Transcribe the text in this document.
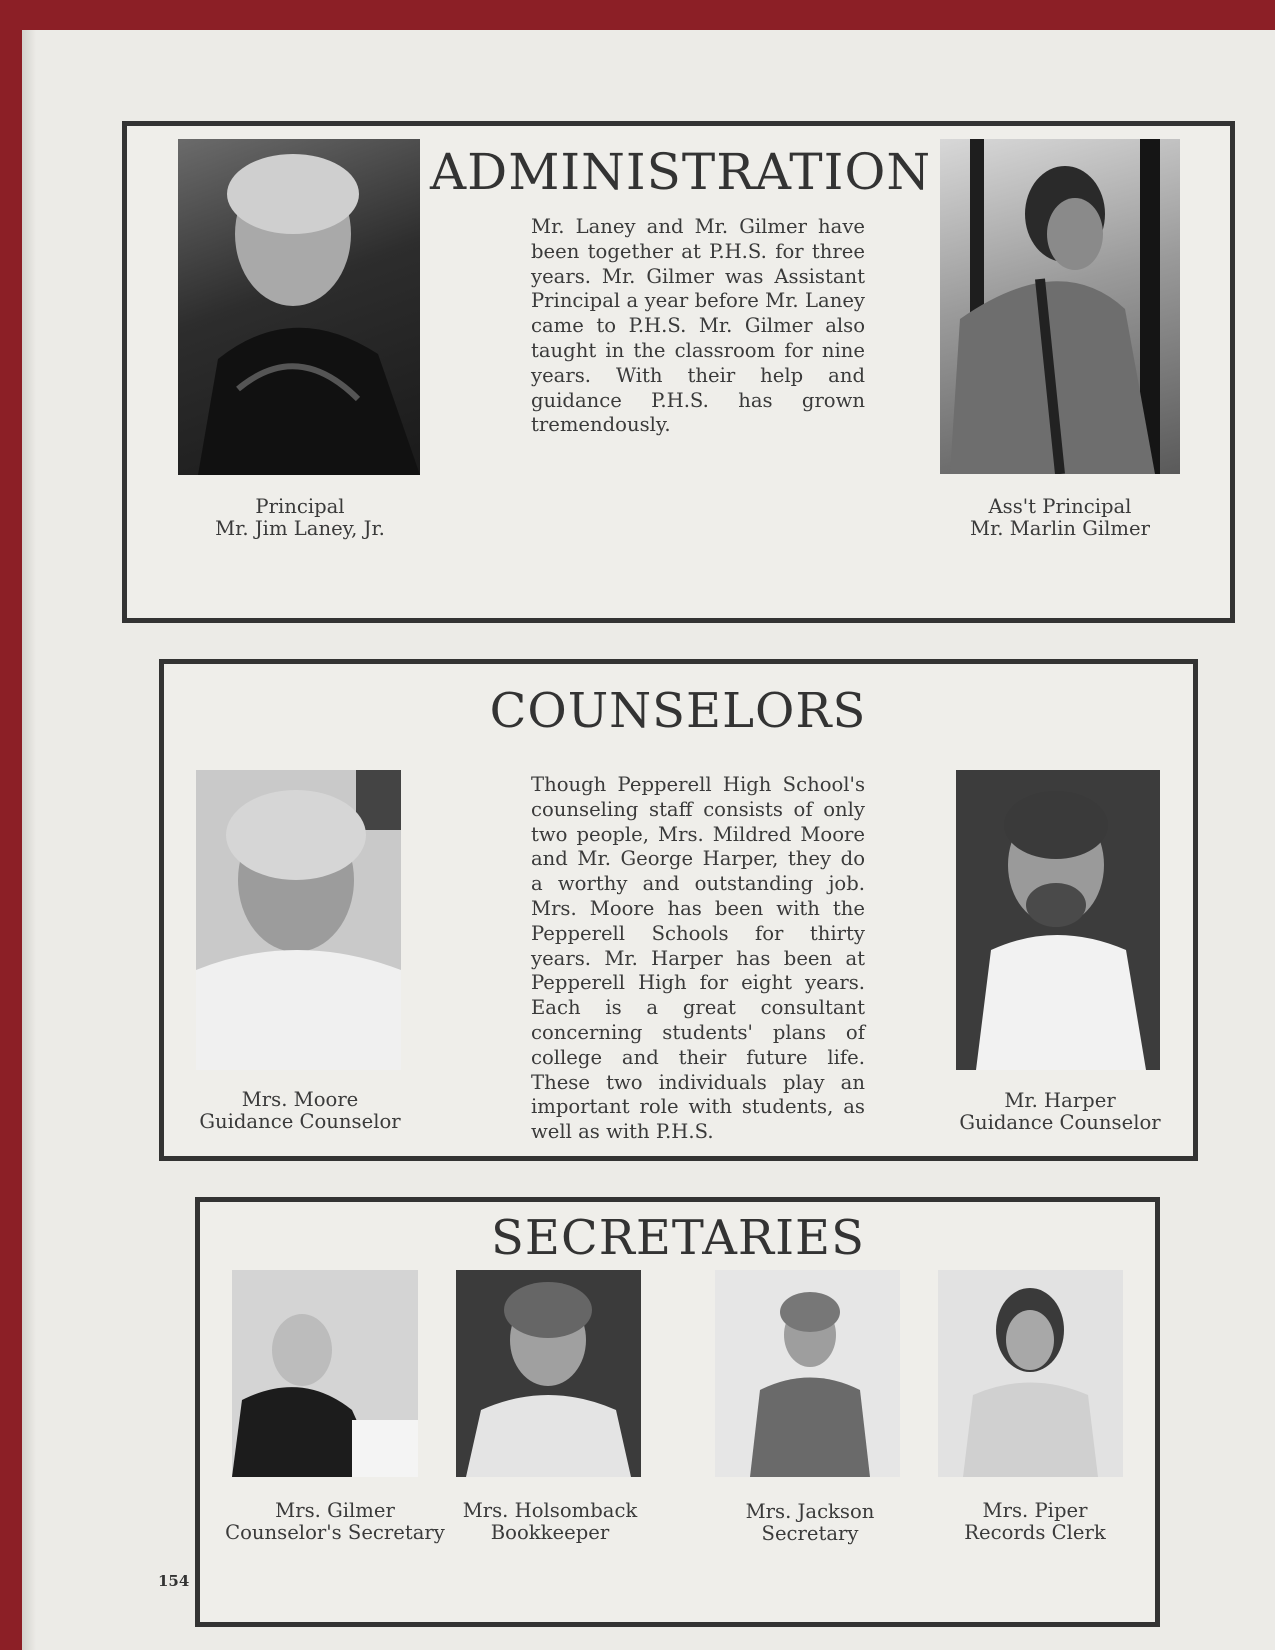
ADMINISTRATION

Mr. Laney and Mr. Gilmer have been together at P.H.S. for three years. Mr. Gilmer was Assistant Principal a year before Mr. Laney came to P.H.S. Mr. Gilmer also taught in the classroom for nine years. With their help and guidance P.H.S. has grown tremendously.

Principal
Mr. Jim Laney, Jr.
Ass't Principal
Mr. Marlin Gilmer
COUNSELORS

Though Pepperell High School's counseling staff consists of only two people, Mrs. Mildred Moore and Mr. George Harper, they do a worthy and outstanding job. Mrs. Moore has been with the Pepperell Schools for thirty years. Mr. Harper has been at Pepperell High for eight years. Each is a great consultant concerning students' plans of college and their future life. These two individuals play an important role with students, as well as with P.H.S.

Mrs. Moore
Guidance Counselor
Mr. Harper
Guidance Counselor
SECRETARIES
Mrs. Gilmer
Counselor's Secretary
Mrs. Holsomback
Bookkeeper
Mrs. Jackson
Secretary
Mrs. Piper
Records Clerk
154
